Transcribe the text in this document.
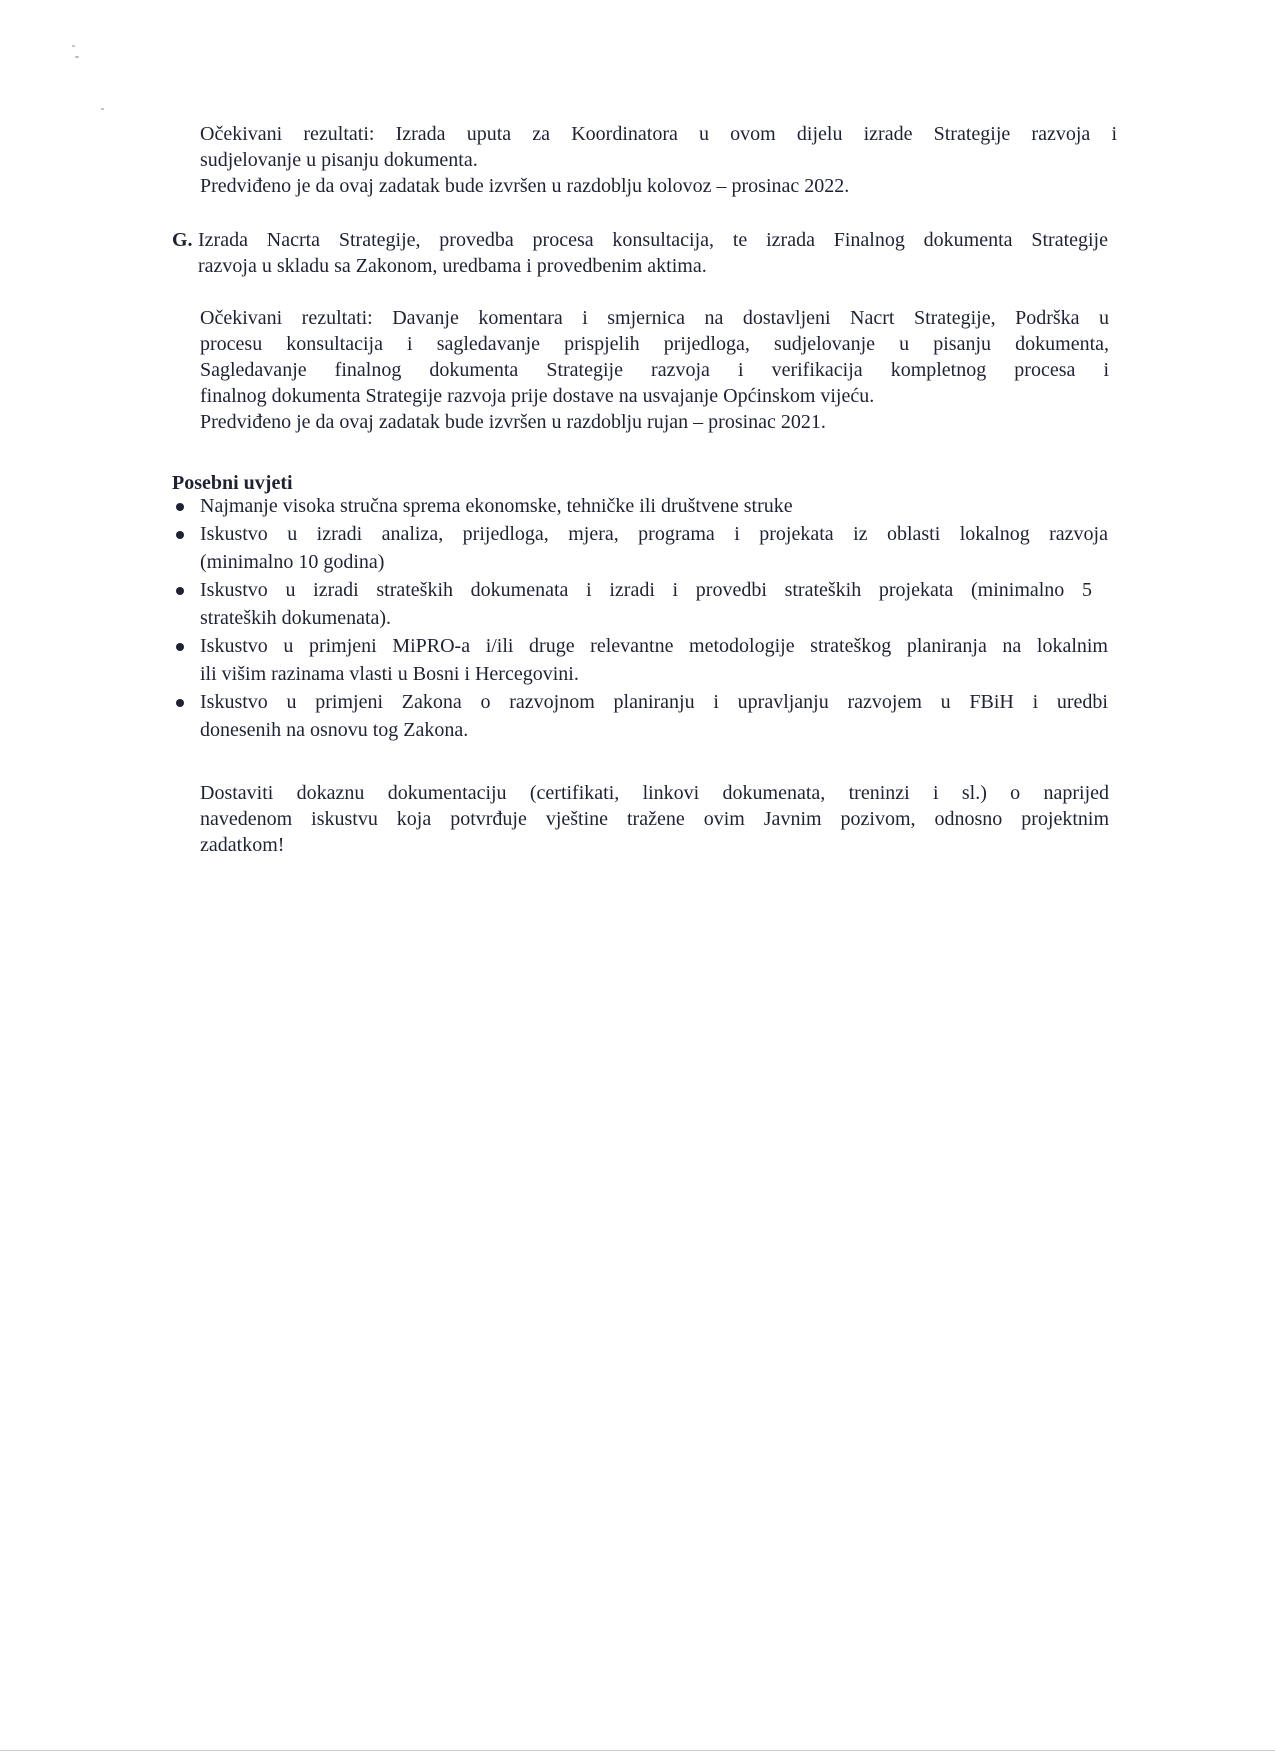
Očekivani rezultati: Izrada uputa za Koordinatora u ovom dijelu izrade Strategije razvoja i
sudjelovanje u pisanju dokumenta.
Predviđeno je da ovaj zadatak bude izvršen u razdoblju kolovoz – prosinac 2022.
G. Izrada Nacrta Strategije, provedba procesa konsultacija, te izrada Finalnog dokumenta Strategije
razvoja u skladu sa Zakonom, uredbama i provedbenim aktima.
Očekivani rezultati: Davanje komentara i smjernica na dostavljeni Nacrt Strategije, Podrška u
procesu konsultacija i sagledavanje prispjelih prijedloga, sudjelovanje u pisanju dokumenta,
Sagledavanje finalnog dokumenta Strategije razvoja i verifikacija kompletnog procesa i
finalnog dokumenta Strategije razvoja prije dostave na usvajanje Općinskom vijeću.
Predviđeno je da ovaj zadatak bude izvršen u razdoblju rujan – prosinac 2021.
Posebni uvjeti
Najmanje visoka stručna sprema ekonomske, tehničke ili društvene struke
Iskustvo u izradi analiza, prijedloga, mjera, programa i projekata iz oblasti lokalnog razvoja
(minimalno 10 godina)
Iskustvo u izradi strateških dokumenata i izradi i provedbi strateških projekata (minimalno 5
strateških dokumenata).
Iskustvo u primjeni MiPRO-a i/ili druge relevantne metodologije strateškog planiranja na lokalnim
ili višim razinama vlasti u Bosni i Hercegovini.
Iskustvo u primjeni Zakona o razvojnom planiranju i upravljanju razvojem u FBiH i uredbi
donesenih na osnovu tog Zakona.
Dostaviti dokaznu dokumentaciju (certifikati, linkovi dokumenata, treninzi i sl.) o naprijed
navedenom iskustvu koja potvrđuje vještine tražene ovim Javnim pozivom, odnosno projektnim
zadatkom!
